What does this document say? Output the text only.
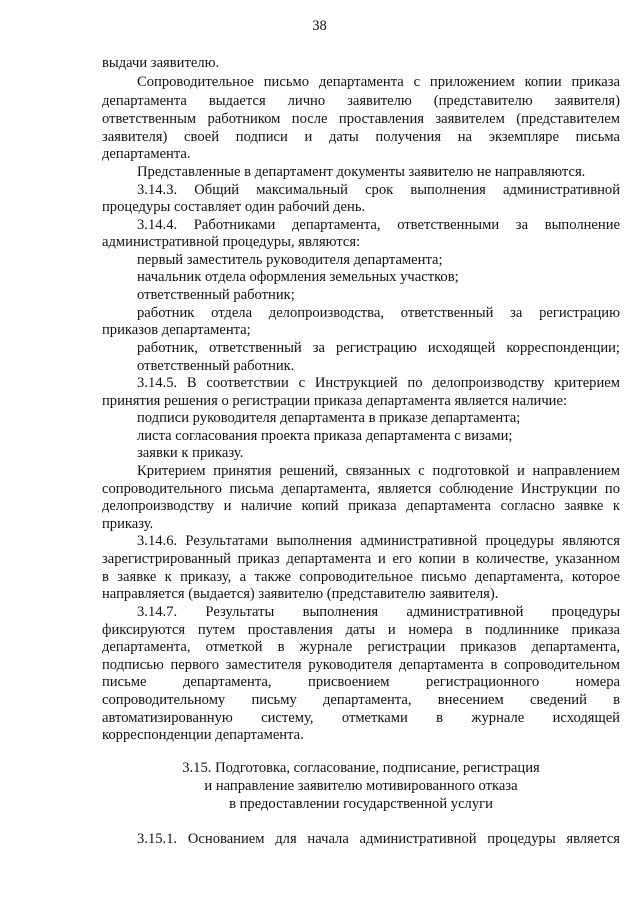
38
выдачи заявителю.
Сопроводительное письмо департамента с приложением копии приказа
департамента выдается лично заявителю (представителю заявителя)
ответственным работником после проставления заявителем (представителем
заявителя) своей подписи и даты получения на экземпляре письма
департамента.
Представленные в департамент документы заявителю не направляются.
3.14.3. Общий максимальный срок выполнения административной
процедуры составляет один рабочий день.
3.14.4. Работниками департамента, ответственными за выполнение
административной процедуры, являются:
первый заместитель руководителя департамента;
начальник отдела оформления земельных участков;
ответственный работник;
работник отдела делопроизводства, ответственный за регистрацию
приказов департамента;
работник, ответственный за регистрацию исходящей корреспонденции;
ответственный работник.
3.14.5. В соответствии с Инструкцией по делопроизводству критерием
принятия решения о регистрации приказа департамента является наличие:
подписи руководителя департамента в приказе департамента;
листа согласования проекта приказа департамента с визами;
заявки к приказу.
Критерием принятия решений, связанных с подготовкой и направлением
сопроводительного письма департамента, является соблюдение Инструкции по
делопроизводству и наличие копий приказа департамента согласно заявке к
приказу.
3.14.6. Результатами выполнения административной процедуры являются
зарегистрированный приказ департамента и его копии в количестве, указанном
в заявке к приказу, а также сопроводительное письмо департамента, которое
направляется (выдается) заявителю (представителю заявителя).
3.14.7. Результаты выполнения административной процедуры
фиксируются путем проставления даты и номера в подлиннике приказа
департамента, отметкой в журнале регистрации приказов департамента,
подписью первого заместителя руководителя департамента в сопроводительном
письме департамента, присвоением регистрационного номера
сопроводительному письму департамента, внесением сведений в
автоматизированную систему, отметками в журнале исходящей
корреспонденции департамента.
3.15. Подготовка, согласование, подписание, регистрация
и направление заявителю мотивированного отказа
в предоставлении государственной услуги
3.15.1. Основанием для начала административной процедуры является
